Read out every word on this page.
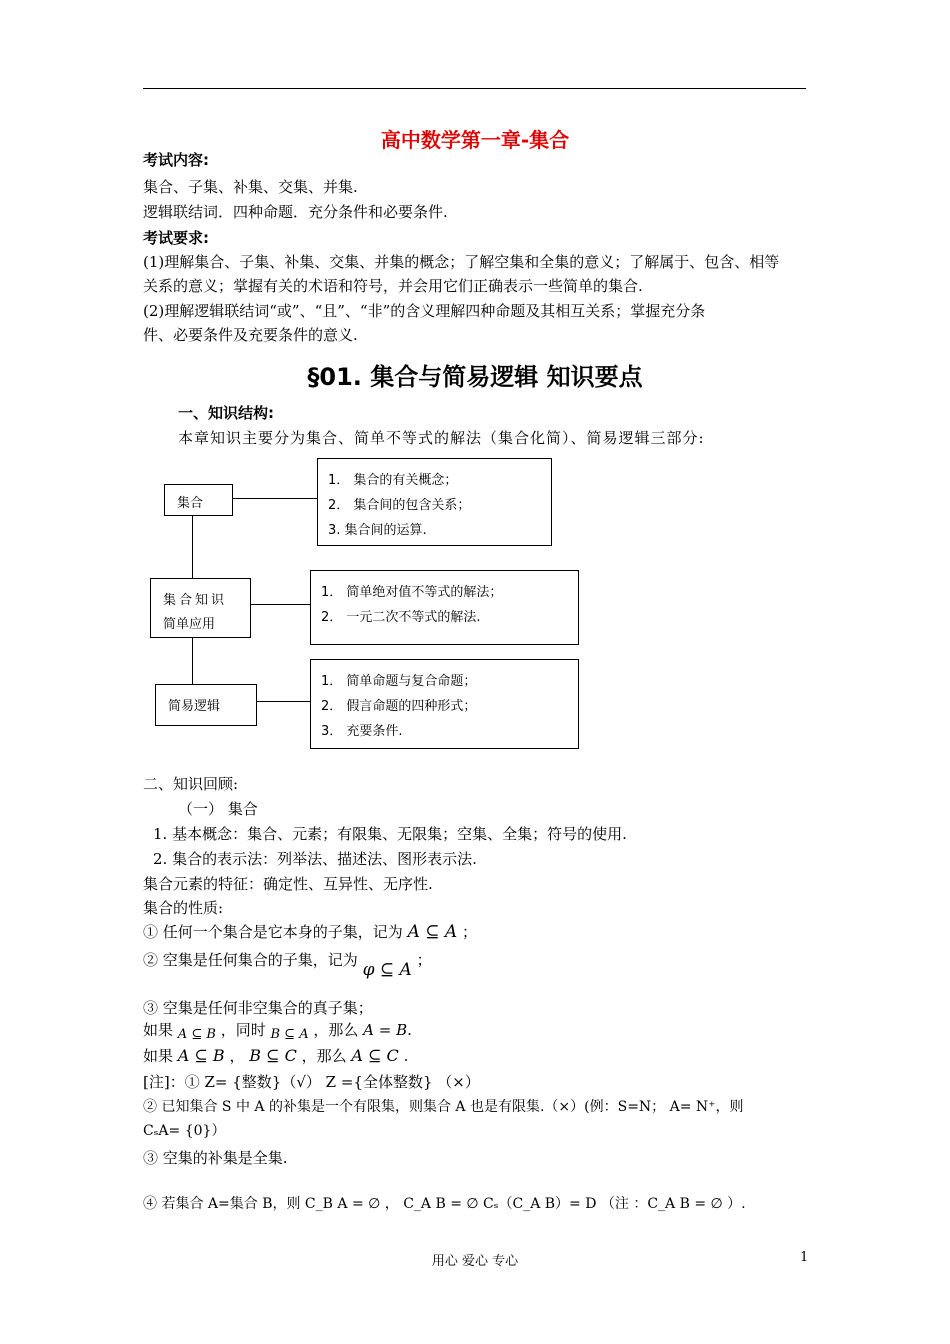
高中数学第一章-集合
考试内容:
集合、子集、补集、交集、并集.
逻辑联结词．四种命题．充分条件和必要条件.
考试要求:
(1)理解集合、子集、补集、交集、并集的概念；了解空集和全集的意义；了解属于、包含、相等
关系的意义；掌握有关的术语和符号，并会用它们正确表示一些简单的集合.
(2)理解逻辑联结词“或”、“且”、“非”的含义理解四种命题及其相互关系；掌握充分条
件、必要条件及充要条件的意义.
§01. 集合与简易逻辑 知识要点
一、知识结构:
本章知识主要分为集合、简单不等式的解法（集合化简）、简易逻辑三部分:
集合
集合知识
简单应用
简易逻辑
1． 集合的有关概念；
2． 集合间的包含关系；
3. 集合间的运算.
1． 简单绝对值不等式的解法；
2． 一元二次不等式的解法.
1． 简单命题与复合命题；
2． 假言命题的四种形式；
3． 充要条件.
二、知识回顾:
（一） 集合
1. 基本概念：集合、元素；有限集、无限集；空集、全集；符号的使用.
2. 集合的表示法：列举法、描述法、图形表示法.
集合元素的特征：确定性、互异性、无序性.
集合的性质:
① 任何一个集合是它本身的子集，记为 A ⊆ A ；
② 空集是任何集合的子集，记为 φ ⊆ A ；
③ 空集是任何非空集合的真子集；
如果 A ⊆ B ，同时 B ⊆ A ，那么 A = B.
如果 A ⊆ B ， B ⊆ C ，那么 A ⊆ C .
[注]：① Z= {整数}（√） Z ={全体整数} （×）
② 已知集合 S 中 A 的补集是一个有限集，则集合 A 也是有限集.（×）(例：S=N； A= N⁺，则
CₛA= {0}）
③ 空集的补集是全集.
④ 若集合 A=集合 B，则 C_B A = ∅ ， C_A B = ∅ Cₛ（C_A B）= D （注 ：C_A B = ∅ ）.
用心 爱心 专心	1
